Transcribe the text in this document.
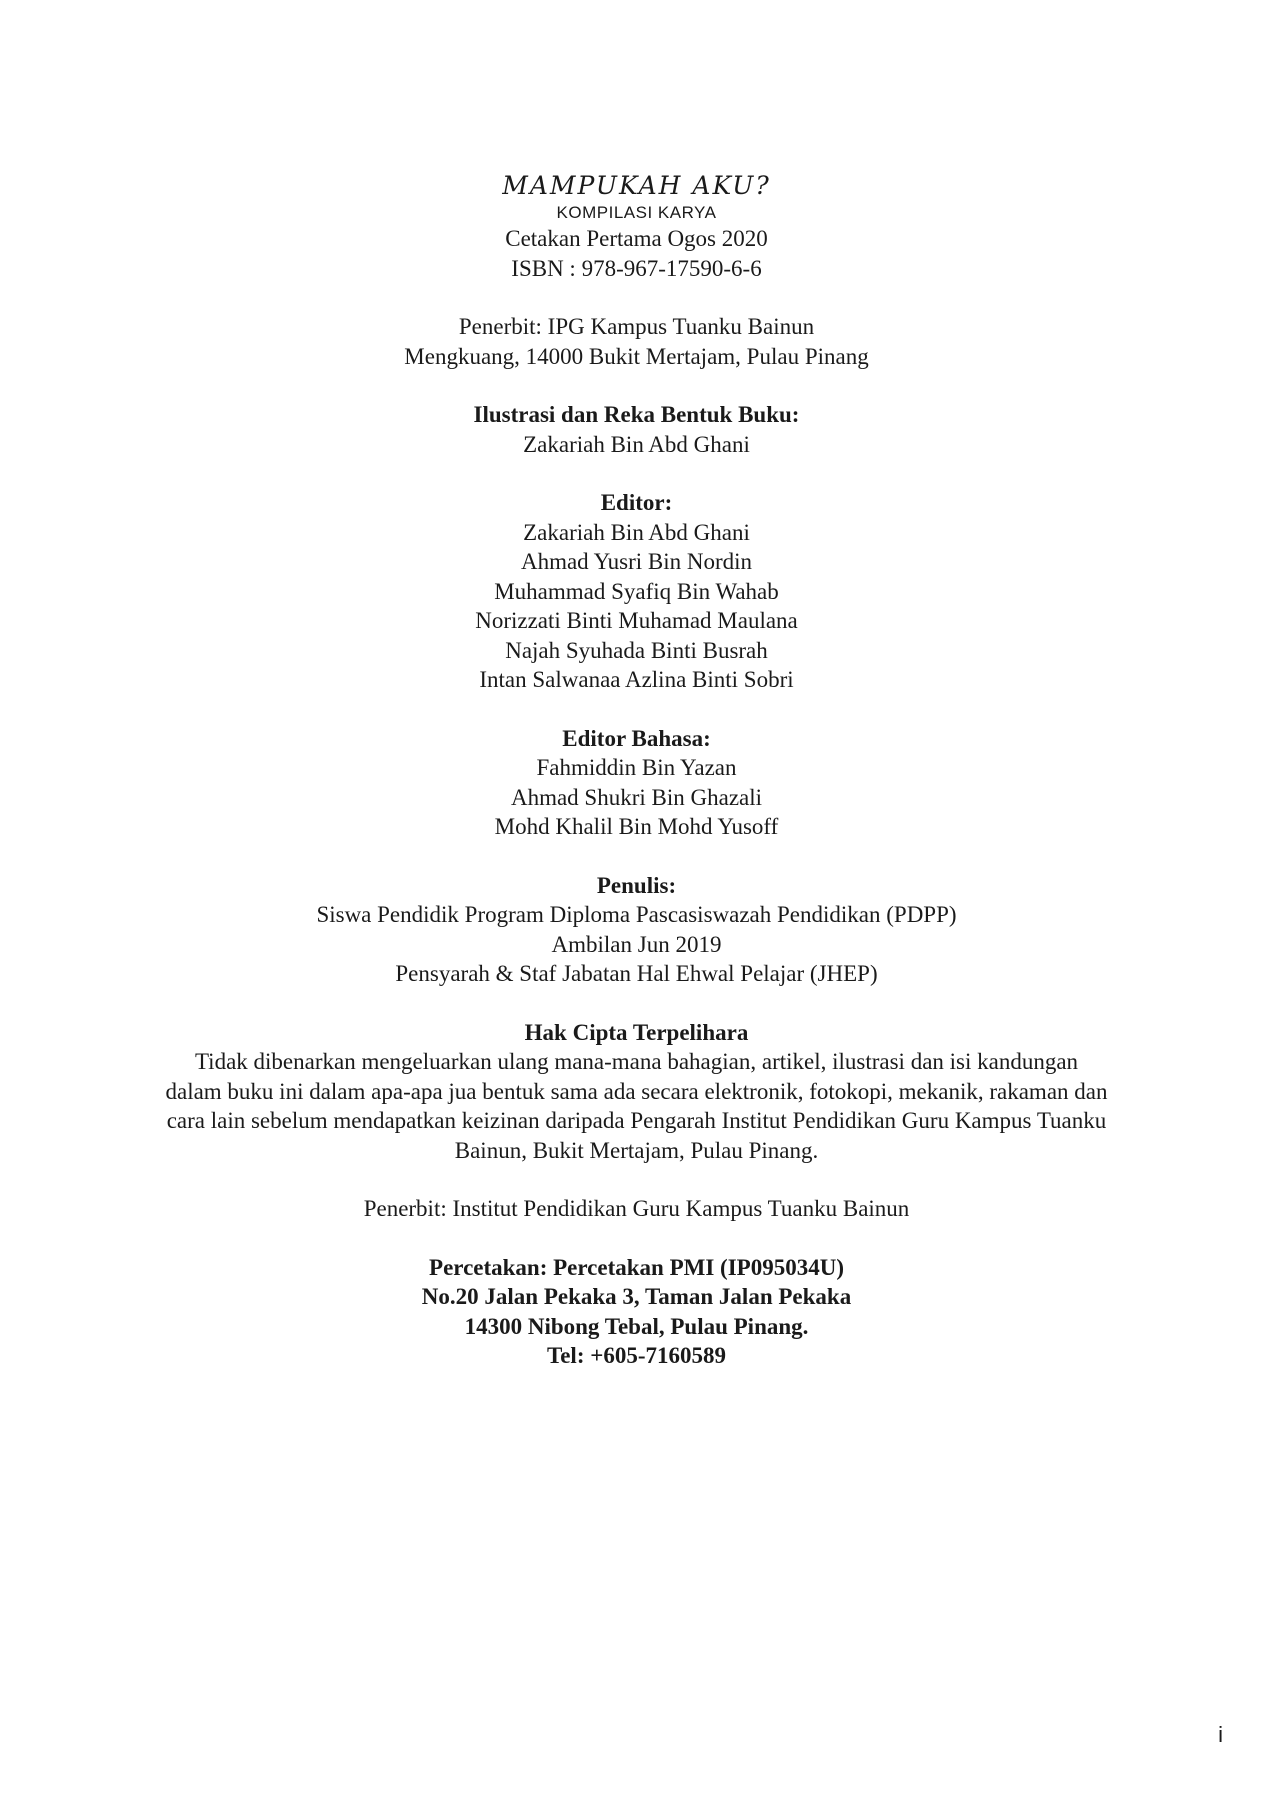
MAMPUKAH AKU?

KOMPILASI KARYA

Cetakan Pertama Ogos 2020

ISBN : 978-967-17590-6-6

Penerbit: IPG Kampus Tuanku Bainun

Mengkuang, 14000 Bukit Mertajam, Pulau Pinang

Ilustrasi dan Reka Bentuk Buku:

Zakariah Bin Abd Ghani

Editor:

Zakariah Bin Abd Ghani

Ahmad Yusri Bin Nordin

Muhammad Syafiq Bin Wahab

Norizzati Binti Muhamad Maulana

Najah Syuhada Binti Busrah

Intan Salwanaa Azlina Binti Sobri

Editor Bahasa:

Fahmiddin Bin Yazan

Ahmad Shukri Bin Ghazali

Mohd Khalil Bin Mohd Yusoff

Penulis:

Siswa Pendidik Program Diploma Pascasiswazah Pendidikan (PDPP)

Ambilan Jun 2019

Pensyarah & Staf Jabatan Hal Ehwal Pelajar (JHEP)

Hak Cipta Terpelihara

Tidak dibenarkan mengeluarkan ulang mana-mana bahagian, artikel, ilustrasi dan isi kandungan

dalam buku ini dalam apa-apa jua bentuk sama ada secara elektronik, fotokopi, mekanik, rakaman dan

cara lain sebelum mendapatkan keizinan daripada Pengarah Institut Pendidikan Guru Kampus Tuanku

Bainun, Bukit Mertajam, Pulau Pinang.

Penerbit: Institut Pendidikan Guru Kampus Tuanku Bainun

Percetakan: Percetakan PMI (IP095034U)

No.20 Jalan Pekaka 3, Taman Jalan Pekaka

14300 Nibong Tebal, Pulau Pinang.

Tel: +605-7160589

i
